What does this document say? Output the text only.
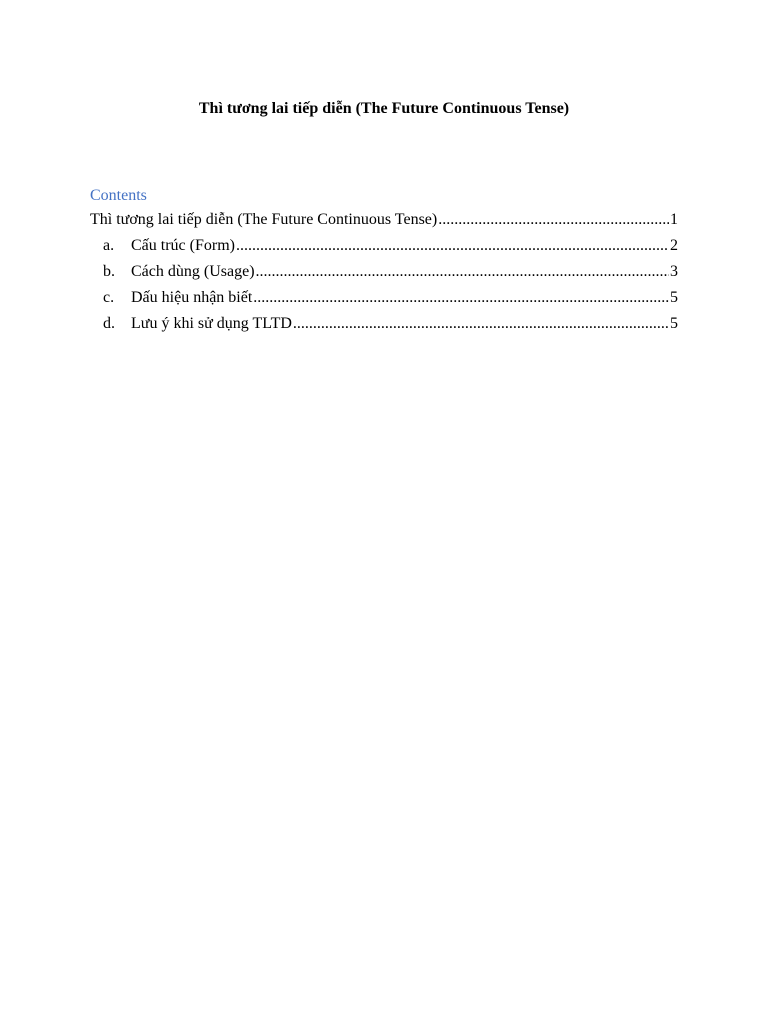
Thì tương lai tiếp diễn (The Future Continuous Tense)
Contents
Thì tương lai tiếp diễn (The Future Continuous Tense) .....	1
a.	Cấu trúc (Form) .....	2
b.	Cách dùng (Usage) .....	3
c.	Dấu hiệu nhận biết .....	5
d.	Lưu ý khi sử dụng TLTD .....	5
